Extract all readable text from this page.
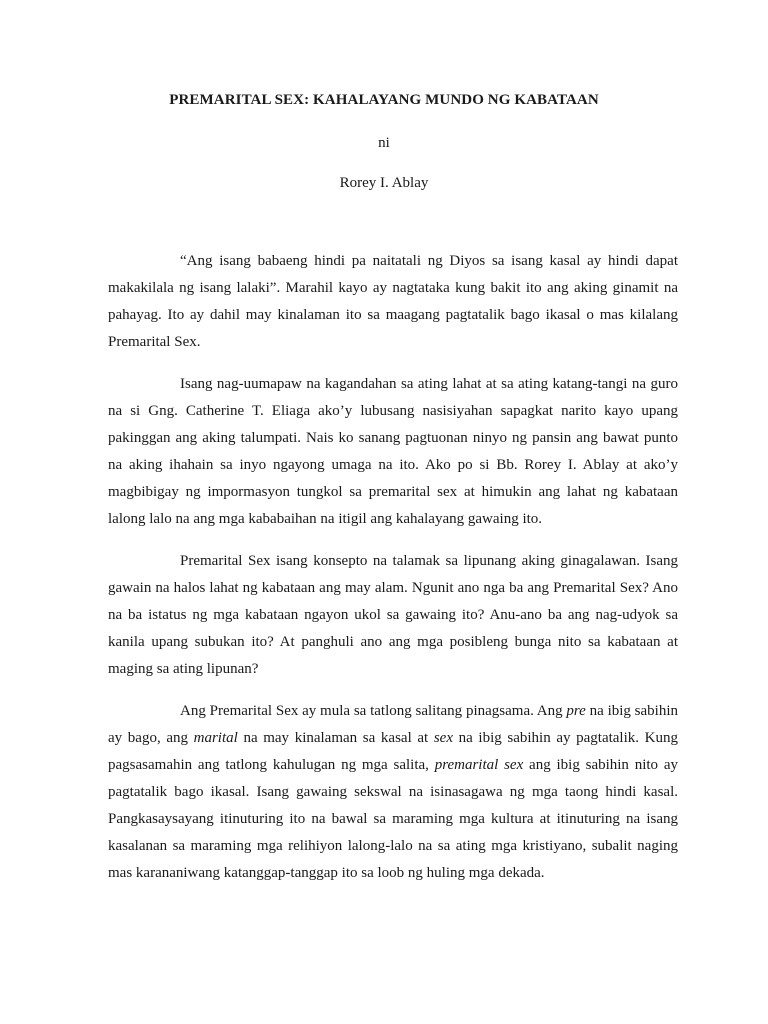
PREMARITAL SEX: KAHALAYANG MUNDO NG KABATAAN
ni
Rorey I. Ablay

“Ang isang babaeng hindi pa naitatali ng Diyos sa isang kasal ay hindi dapat makakilala ng isang lalaki”. Marahil kayo ay nagtataka kung bakit ito ang aking ginamit na pahayag. Ito ay dahil may kinalaman ito sa maagang pagtatalik bago ikasal o mas kilalang Premarital Sex.

Isang nag-uumapaw na kagandahan sa ating lahat at sa ating katang-tangi na guro na si Gng. Catherine T. Eliaga ako’y lubusang nasisiyahan sapagkat narito kayo upang pakinggan ang aking talumpati. Nais ko sanang pagtuonan ninyo ng pansin ang bawat punto na aking ihahain sa inyo ngayong umaga na ito. Ako po si Bb. Rorey I. Ablay at ako’y magbibigay ng impormasyon tungkol sa premarital sex at himukin ang lahat ng kabataan lalong lalo na ang mga kababaihan na itigil ang kahalayang gawaing ito.

Premarital Sex isang konsepto na talamak sa lipunang aking ginagalawan. Isang gawain na halos lahat ng kabataan ang may alam. Ngunit ano nga ba ang Premarital Sex? Ano na ba istatus ng mga kabataan ngayon ukol sa gawaing ito? Anu-ano ba ang nag-udyok sa kanila upang subukan ito? At panghuli ano ang mga posibleng bunga nito sa kabataan at maging sa ating lipunan?

Ang Premarital Sex ay mula sa tatlong salitang pinagsama. Ang pre na ibig sabihin ay bago, ang marital na may kinalaman sa kasal at sex na ibig sabihin ay pagtatalik. Kung pagsasamahin ang tatlong kahulugan ng mga salita, premarital sex ang ibig sabihin nito ay pagtatalik bago ikasal. Isang gawaing sekswal na isinasagawa ng mga taong hindi kasal. Pangkasaysayang itinuturing ito na bawal sa maraming mga kultura at itinuturing na isang kasalanan sa maraming mga relihiyon lalong-lalo na sa ating mga kristiyano, subalit naging mas karananiwang katanggap-tanggap ito sa loob ng huling mga dekada.
